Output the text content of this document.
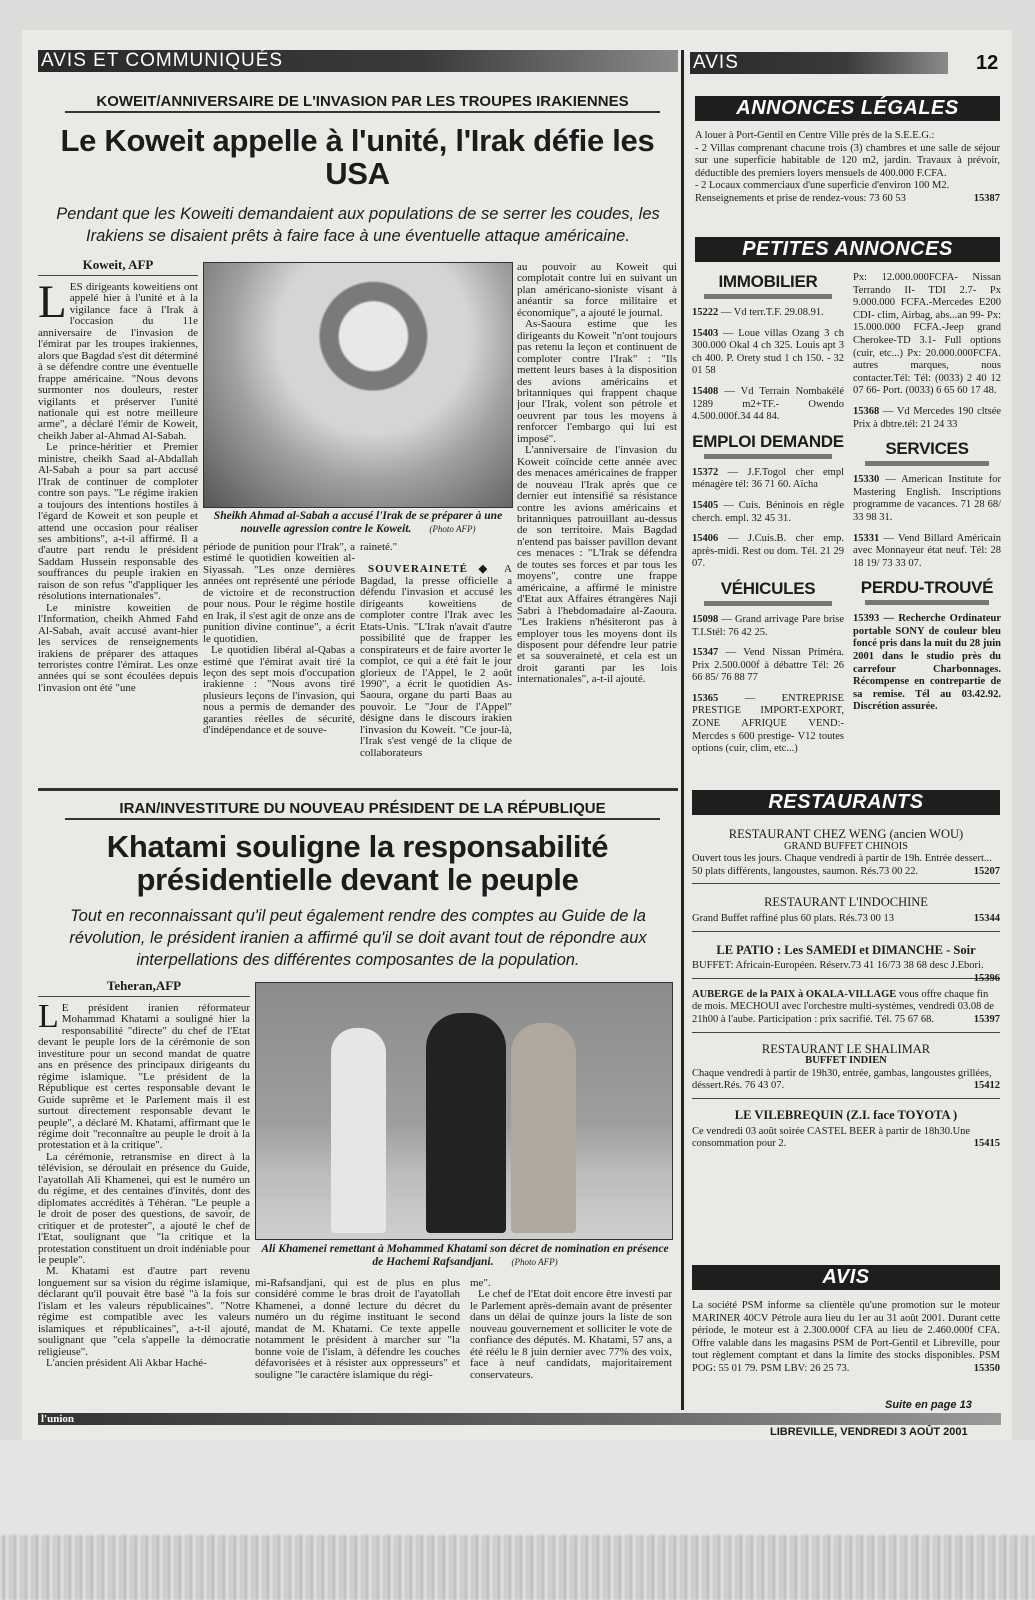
AVIS ET COMMUNIQUÉS	AVIS	12
KOWEIT/ANNIVERSAIRE DE L'INVASION PAR LES TROUPES IRAKIENNES
Le Koweit appelle à l'unité, l'Irak défie les USA
Pendant que les Koweiti demandaient aux populations de se serrer les coudes, les Irakiens se disaient prêts à faire face à une éventuelle attaque américaine.
Koweit, AFP

LES dirigeants koweitiens ont appelé hier à l'unité et à la vigilance face à l'Irak à l'occasion du 11e anniversaire de l'invasion de l'émirat par les troupes irakiennes, alors que Bagdad s'est dit déterminé à se défendre contre une éventuelle frappe américaine. "Nous devons surmonter nos douleurs, rester vigilants et préserver l'unité nationale qui est notre meilleure arme", a déclaré l'émir de Koweit, cheikh Jaber al-Ahmad Al-Sabah.

Le prince-héritier et Premier ministre, cheikh Saad al-Abdallah Al-Sabah a pour sa part accusé l'Irak de continuer de comploter contre son pays. "Le régime irakien a toujours des intentions hostiles à l'égard de Koweit et son peuple et attend une occasion pour réaliser ses ambitions", a-t-il affirmé. Il a d'autre part rendu le président Saddam Hussein responsable des souffrances du peuple irakien en raison de son refus "d'appliquer les résolutions internationales".

Le ministre koweitien de l'Information, cheikh Ahmed Fahd Al-Sabah, avait accusé avant-hier les services de renseignements irakiens de préparer des attaques terroristes contre l'émirat. Les onze années qui se sont écoulées depuis l'invasion ont été "une

Sheikh Ahmad al-Sabah a accusé l'Irak de se préparer à une nouvelle agression contre le Koweit. (Photo AFP)

période de punition pour l'Irak", a estimé le quotidien koweitien al-Siyassah. "Les onze dernières années ont représenté une période de victoire et de reconstruction pour nous. Pour le régime hostile en Irak, il s'est agit de onze ans de punition divine continue", a écrit le quotidien.

Le quotidien libéral al-Qabas a estimé que l'émirat avait tiré la leçon des sept mois d'occupation irakienne : "Nous avons tiré plusieurs leçons de l'invasion, qui nous a permis de demander des garanties réelles de sécurité, d'indépendance et de souve-

raineté."

SOUVERAINETÉ ◆ A Bagdad, la presse officielle a défendu l'invasion et accusé les dirigeants koweitiens de comploter contre l'Irak avec les Etats-Unis. "L'Irak n'avait d'autre possibilité que de frapper les conspirateurs et de faire avorter le complot, ce qui a été fait le jour glorieux de l'Appel, le 2 août 1990", a écrit le quotidien As-Saoura, organe du parti Baas au pouvoir. Le "Jour de l'Appel" désigne dans le discours irakien l'invasion du Koweit. "Ce jour-là, l'Irak s'est vengé de la clique de collaborateurs

au pouvoir au Koweit qui complotait contre lui en suivant un plan américano-sioniste visant à anéantir sa force militaire et économique", a ajouté le journal.

As-Saoura estime que les dirigeants du Koweit "n'ont toujours pas retenu la leçon et continuent de comploter contre l'Irak" : "Ils mettent leurs bases à la disposition des avions américains et britanniques qui frappent chaque jour l'Irak, volent son pétrole et oeuvrent par tous les moyens à renforcer l'embargo qui lui est imposé".

L'anniversaire de l'invasion du Koweit coïncide cette année avec des menaces américaines de frapper de nouveau l'Irak après que ce dernier eut intensifié sa résistance contre les avions américains et britanniques patrouillant au-dessus de son territoire. Mais Bagdad n'entend pas baisser pavillon devant ces menaces : "L'Irak se défendra de toutes ses forces et par tous les moyens", contre une frappe américaine, a affirmé le ministre d'Etat aux Affaires étrangères Naji Sabri à l'hebdomadaire al-Zaoura. "Les Irakiens n'hésiteront pas à employer tous les moyens dont ils disposent pour défendre leur patrie et sa souveraineté, et cela est un droit garanti par les lois internationales", a-t-il ajouté.

IRAN/INVESTITURE DU NOUVEAU PRÉSIDENT DE LA RÉPUBLIQUE
Khatami souligne la responsabilité présidentielle devant le peuple
Tout en reconnaissant qu'il peut également rendre des comptes au Guide de la révolution, le président iranien a affirmé qu'il se doit avant tout de répondre aux interpellations des différentes composantes de la population.
Teheran,AFP

L E président iranien réformateur Mohammad Khatami a souligné hier la responsabilité "directe" du chef de l'Etat devant le peuple lors de la cérémonie de son investiture pour un second mandat de quatre ans en présence des principaux dirigeants du régime islamique. "Le président de la République est certes responsable devant le Guide suprême et le Parlement mais il est surtout directement responsable devant le peuple", a déclaré M. Khatami, affirmant que le régime doit "reconnaître au peuple le droit à la protestation et à la critique".

La cérémonie, retransmise en direct à la télévision, se déroulait en présence du Guide, l'ayatollah Ali Khamenei, qui est le numéro un du régime, et des centaines d'invités, dont des diplomates accrédités à Téhéran. "Le peuple a le droit de poser des questions, de savoir, de critiquer et de protester", a ajouté le chef de l'Etat, soulignant que "la critique et la protestation constituent un droit indéniable pour le peuple".

M. Khatami est d'autre part revenu longuement sur sa vision du régime islamique, déclarant qu'il pouvait être basé "à la fois sur l'islam et les valeurs républicaines". "Notre régime est compatible avec les valeurs islamiques et républicaines", a-t-il ajouté, soulignant que "cela s'appelle la démocratie religieuse".

L'ancien président Ali Akbar Haché-

Ali Khamenei remettant à Mohammed Khatami son décret de nomination en présence de Hachemi Rafsandjani. (Photo AFP)

mi-Rafsandjani, qui est de plus en plus considéré comme le bras droit de l'ayatollah Khamenei, a donné lecture du décret du numéro un du régime instituant le second mandat de M. Khatami. Ce texte appelle notamment le président à marcher sur "la bonne voie de l'islam, à défendre les couches défavorisées et à résister aux oppresseurs" et souligne "le caractère islamique du régi-

me".

Le chef de l'Etat doit encore être investi par le Parlement après-demain avant de présenter dans un délai de quinze jours la liste de son nouveau gouvernement et solliciter le vote de confiance des députés. M. Khatami, 57 ans, a été réélu le 8 juin dernier avec 77% des voix, face à neuf candidats, majoritairement conservateurs.

l'union
Suite en page 13
LIBREVILLE, VENDREDI 3 AOÛT 2001
ANNONCES LÉGALES
A louer à Port-Gentil en Centre Ville près de la S.E.E.G.:
- 2 Villas comprenant chacune trois (3) chambres et une salle de séjour sur une superficie habitable de 120 m2, jardin. Travaux à prévoir, déductible des premiers loyers mensuels de 400.000 F.CFA.
- 2 Locaux commerciaux d'une superficie d'environ 100 M2.
Renseignements et prise de rendez-vous: 73 60 53	15387
PETITES ANNONCES
IMMOBILIER
15222 — Vd terr.T.F. 29.08.91.
15403 — Loue villas Ozang 3 ch 300.000 Okal 4 ch 325. Louis apt 3 ch 400. P. Orety stud 1 ch 150. - 32 01 58
15408 — Vd Terrain Nombakélé 1289 m2+TF.- Owendo 4.500.000f.34 44 84.
EMPLOI DEMANDE
15372 — J.F.Togol cher empl ménagère tél: 36 71 60. Aïcha
15405 — Cuis. Béninois en règle cherch. empl. 32 45 31.
15406 — J.Cuis.B. cher emp. après-midi. Rest ou dom. Tél. 21 29 07.
VÉHICULES
15098 — Grand arrivage Pare brise T.I.Stél: 76 42 25.
15347 — Vend Nissan Priméra. Prix 2.500.000f à débattre Tél: 26 66 85/ 76 88 77
15365	— ENTREPRISE PRESTIGE IMPORT-EXPORT, ZONE AFRIQUE VEND:- Mercdes s 600 prestige- V12 toutes options (cuir, clim, etc...)
Px: 12.000.000FCFA- Nissan Terrando II- TDI 2.7- Px 9.000.000 FCFA.-Mercedes E200 CDI- clim, Airbag, abs...an 99- Px: 15.000.000 FCFA.-Jeep grand Cherokee-TD 3.1- Full options (cuir, etc...) Px: 20.000.000FCFA. autres marques, nous contacter.Tél: Tél: (0033) 2 40 12 07 66- Port. (0033) 6 65 60 17 48.
15368 — Vd Mercedes 190 cltsée Prix à dbtre.tél: 21 24 33
SERVICES
15330 — American Institute for Mastering English. Inscriptions programme de vacances. 71 28 68/ 33 98 31.
15331 — Vend Billard Américain avec Monnayeur état neuf. Tél: 28 18 19/ 73 33 07.
PERDU-TROUVÉ
15393 — Recherche Ordinateur portable SONY de couleur bleu foncé pris dans la nuit du 28 juin 2001 dans le studio près du carrefour Charbonnages. Récompense en contrepartie de sa remise. Tél au 03.42.92. Discrétion assurée.
RESTAURANTS
RESTAURANT CHEZ WENG (ancien WOU)
GRAND BUFFET CHINOIS
Ouvert tous les jours. Chaque vendredi à partir de 19h. Entrée dessert... 50 plats différents, langoustes, saumon. Rés.73 00 22.	15207
RESTAURANT L'INDOCHINE
Grand Buffet raffiné plus 60 plats. Rés.73 00 13	15344
LE PATIO : Les SAMEDI et DIMANCHE - Soir
BUFFET: Africain-Européen. Réserv.73 41 16/73 38 68 desc J.Ebori.
15396
AUBERGE de la PAIX à OKALA-VILLAGE vous offre chaque fin de mois. MECHOUI avec l'orchestre multi-systèmes, vendredi 03.08 de 21h00 à l'aube. Participation : prix sacrifié. Tél. 75 67 68.	15397
RESTAURANT LE SHALIMAR
BUFFET INDIEN
Chaque vendredi à partir de 19h30, entrée, gambas, langoustes grillées, déssert.Rés. 76 43 07.	15412
LE VILEBREQUIN (Z.I. face TOYOTA )
Ce vendredi 03 août soirée CASTEL BEER à partir de 18h30.Une consommation pour 2.	15415
AVIS
La société PSM informe sa clientèle qu'une promotion sur le moteur MARINER 40CV Pétrole aura lieu du 1er au 31 août 2001. Durant cette période, le moteur est à 2.300.000f CFA au lieu de 2.460.000f CFA. Offre valable dans les magasins PSM de Port-Gentil et Libreville, pour tout règlement comptant et dans la limite des stocks disponibles. PSM POG: 55 01 79. PSM LBV: 26 25 73.	15350
